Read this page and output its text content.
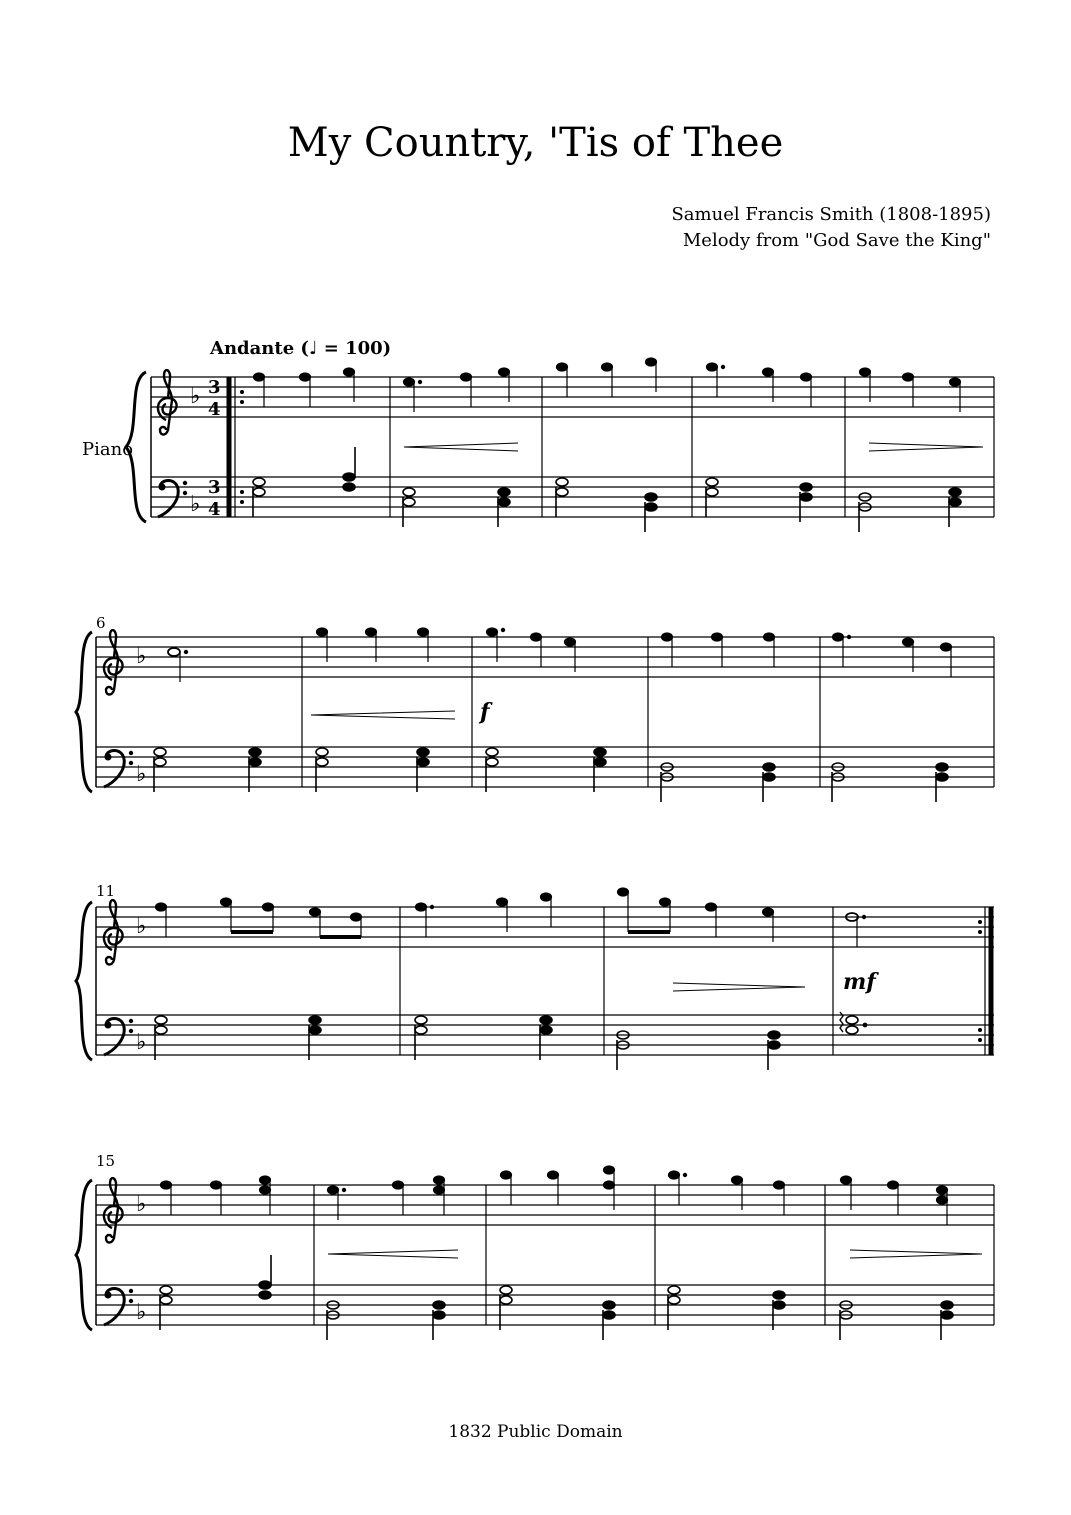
My Country, 'Tis of Thee
Samuel Francis Smith (1808-1895)
Melody from "God Save the King"
Andante (♩ = 100)
Piano
6
11
15
1832 Public Domain
♭
♭
3
4
3
4
♭
♭
f
♭
♭
mf
♭
♭
